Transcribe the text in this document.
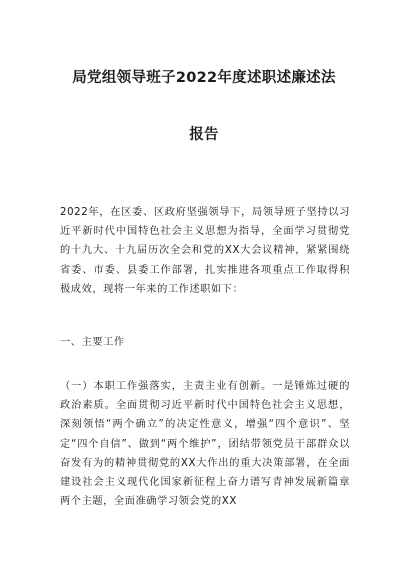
局党组领导班子2022年度述职述廉述法
报告

2022年，在区委、区政府坚强领导下，局领导班子坚持以习近平新时代中国特色社会主义思想为指导，全面学习贯彻党的十九大、十九届历次全会和党的XX大会议精神，紧紧围绕省委、市委、县委工作部署，扎实推进各项重点工作取得积极成效，现将一年来的工作述职如下：

一、主要工作

（一）本职工作强落实，主责主业有创新。一是锤炼过硬的政治素质。全面贯彻习近平新时代中国特色社会主义思想，深刻领悟“两个确立”的决定性意义，增强“四个意识”、坚定“四个自信”、做到“两个维护”，团结带领党员干部群众以奋发有为的精神贯彻党的XX大作出的重大决策部署，在全面建设社会主义现代化国家新征程上奋力谱写青神发展新篇章两个主题，全面准确学习领会党的XX
